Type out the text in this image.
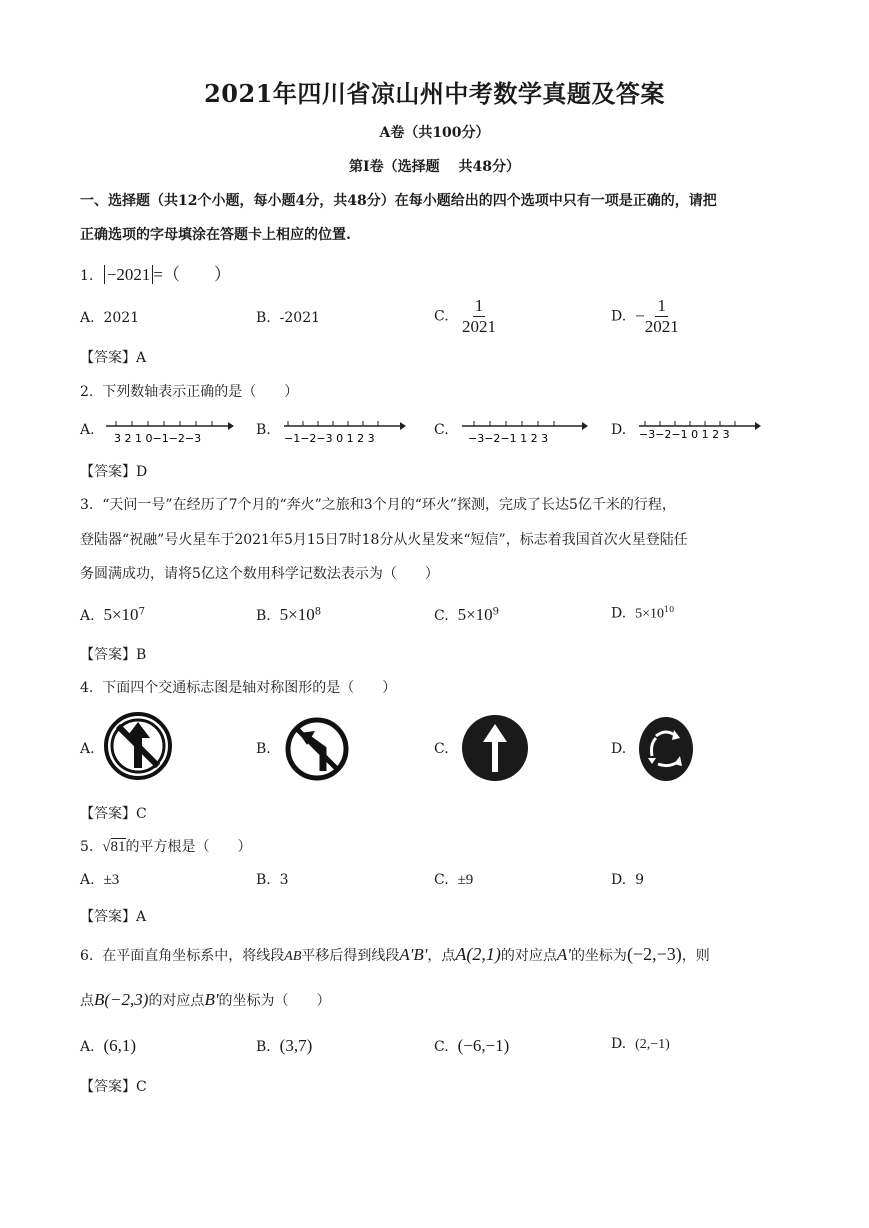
2021年四川省凉山州中考数学真题及答案
A卷（共100分）
第Ⅰ卷（选择题　 共48分）
一、选择题（共12个小题，每小题4分，共48分）在每小题给出的四个选项中只有一项是正确的，请把
正确选项的字母填涂在答题卡上相应的位置.
1. −2021 =（　　）
A. 2021	B. -2021	C. $\frac{1}{2021}$	D. − $\frac{1}{2021}$
【答案】A
2. 下列数轴表示正确的是（　　）
A.
3 2 1 0−1−2−3
B.
−1−2−3 0 1 2 3
C.
−3−2−1 1 2 3
D. −3−2−1 0 1 2 3
【答案】D
3. “天问一号”在经历了7个月的“奔火”之旅和3个月的“环火”探测，完成了长达5亿千米的行程，
登陆器“祝融”号火星车于2021年5月15日7时18分从火星发来“短信”，标志着我国首次火星登陆任
务圆满成功，请将5亿这个数用科学记数法表示为（　　）
A. $5\times 10^7$	B. $5\times 10^8$	C. $5\times 10^9$	D. $5\times 10^{10}$
【答案】B
4. 下面四个交通标志图是轴对称图形的是（　　）
A.	B.	C.	D.
【答案】C
5. √81的平方根是（　　）
A. ±3	B. 3	C. ±9	D. 9
【答案】A
6. 在平面直角坐标系中，将线段AB平移后得到线段A'B'，点A(2,1)的对应点A'的坐标为(−2,−3)，则
点B(−2,3)的对应点B'的坐标为（　　）
A. (6,1)	B. (3,7)	C. (−6,−1)	D. (2,−1)
【答案】C
